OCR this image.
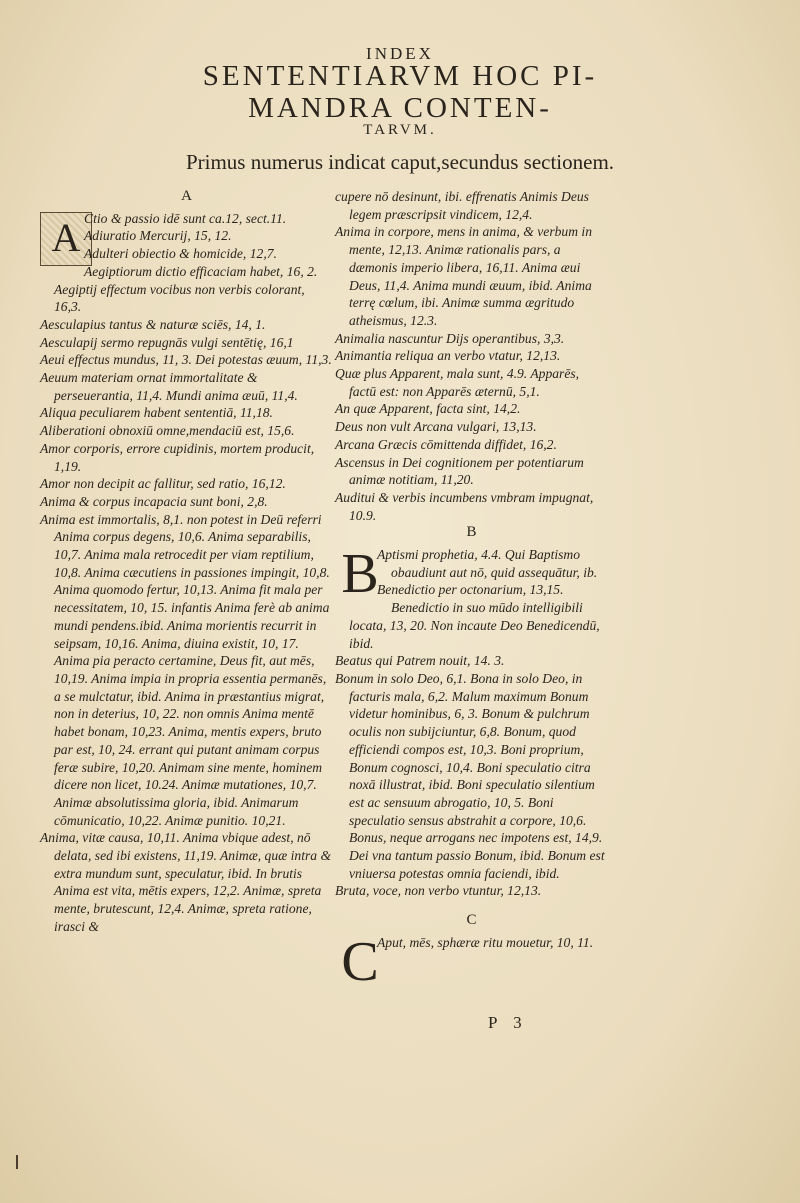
INDEX
SENTENTIARVM HOC PI-
MANDRA CONTEN-
TARVM.
Primus numerus indicat caput,secundus sectionem.
A
A Ctio & passio idē sunt ca.12, sect.11.

Adiuratio Mercurij, 15, 12.

Adulteri obiectio & homicide, 12,7.

Aegiptiorum dictio efficaciam habet, 16, 2. Aegiptij effectum vocibus non verbis colorant, 16,3.

Aesculapius tantus & naturæ sciēs, 14, 1.

Aesculapij sermo repugnās vulgi sentētię, 16,1

Aeui effectus mundus, 11, 3. Dei potestas æuum, 11,3.

Aeuum materiam ornat immortalitate & perseuerantia, 11,4. Mundi anima æuū, 11,4.

Aliqua peculiarem habent sententiā, 11,18.

Aliberationi obnoxiū omne,mendaciū est, 15,6.

Amor corporis, errore cupidinis, mortem producit, 1,19.

Amor non decipit ac fallitur, sed ratio, 16,12.

Anima & corpus incapacia sunt boni, 2,8.

Anima est immortalis, 8,1. non potest in Deū referri Anima corpus degens, 10,6. Anima separabilis, 10,7. Anima mala retrocedit per viam reptilium, 10,8. Anima cæcutiens in passiones impingit, 10,8. Anima quomodo fertur, 10,13. Anima fit mala per necessitatem, 10, 15. infantis Anima ferè ab anima mundi pendens.ibid. Anima morientis recurrit in seipsam, 10,16. Anima, diuina existit, 10, 17. Anima pia peracto certamine, Deus fit, aut mēs, 10,19. Anima impia in propria essentia permanēs, a se mulctatur, ibid. Anima in præstantius migrat, non in deterius, 10, 22. non omnis Anima mentē habet bonam, 10,23. Anima, mentis expers, bruto par est, 10, 24. errant qui putant animam corpus feræ subire, 10,20. Animam sine mente, hominem dicere non licet, 10.24. Animæ mutationes, 10,7. Animæ absolutissima gloria, ibid. Animarum cōmunicatio, 10,22. Animæ punitio. 10,21.

Anima, vitæ causa, 10,11. Anima vbique adest, nō delata, sed ibi existens, 11,19. Animæ, quæ intra & extra mundum sunt, speculatur, ibid. In brutis Anima est vita, mētis expers, 12,2. Animæ, spreta mente, brutescunt, 12,4. Animæ, spreta ratione, irasci &

cupere nō desinunt, ibi. effrenatis Animis Deus legem præscripsit vindicem, 12,4.

Anima in corpore, mens in anima, & verbum in mente, 12,13. Animæ rationalis pars, a dæmonis imperio libera, 16,11. Anima æui Deus, 11,4. Anima mundi æuum, ibid. Anima terrę cœlum, ibi. Animæ summa ægritudo atheismus, 12.3.

Animalia nascuntur Dijs operantibus, 3,3.

Animantia reliqua an verbo vtatur, 12,13.

Quæ plus Apparent, mala sunt, 4.9. Apparēs, factū est: non Apparēs æternū, 5,1.

An quæ Apparent, facta sint, 14,2.

Deus non vult Arcana vulgari, 13,13.

Arcana Græcis cōmittenda diffidet, 16,2.

Ascensus in Dei cognitionem per potentiarum animæ notitiam, 11,20.

Auditui & verbis incumbens vmbram impugnat, 10.9.

B
B

Aptismi prophetia, 4.4. Qui Baptismo obaudiunt aut nō, quid assequātur, ib.

Benedictio per octonarium, 13,15. Benedictio in suo mūdo intelligibili locata, 13, 20. Non incaute Deo Benedicendū, ibid.

Beatus qui Patrem nouit, 14. 3.

Bonum in solo Deo, 6,1. Bona in solo Deo, in facturis mala, 6,2. Malum maximum Bonum videtur hominibus, 6, 3. Bonum & pulchrum oculis non subijciuntur, 6,8. Bonum, quod efficiendi compos est, 10,3. Boni proprium, Bonum cognosci, 10,4. Boni speculatio citra noxā illustrat, ibid. Boni speculatio silentium est ac sensuum abrogatio, 10, 5. Boni speculatio sensus abstrahit a corpore, 10,6. Bonus, neque arrogans nec impotens est, 14,9. Dei vna tantum passio Bonum, ibid. Bonum est vniuersa potestas omnia faciendi, ibid.

Bruta, voce, non verbo vtuntur, 12,13.

C
C

Aput, mēs, sphæræ ritu mouetur, 10, 11.

P 3
